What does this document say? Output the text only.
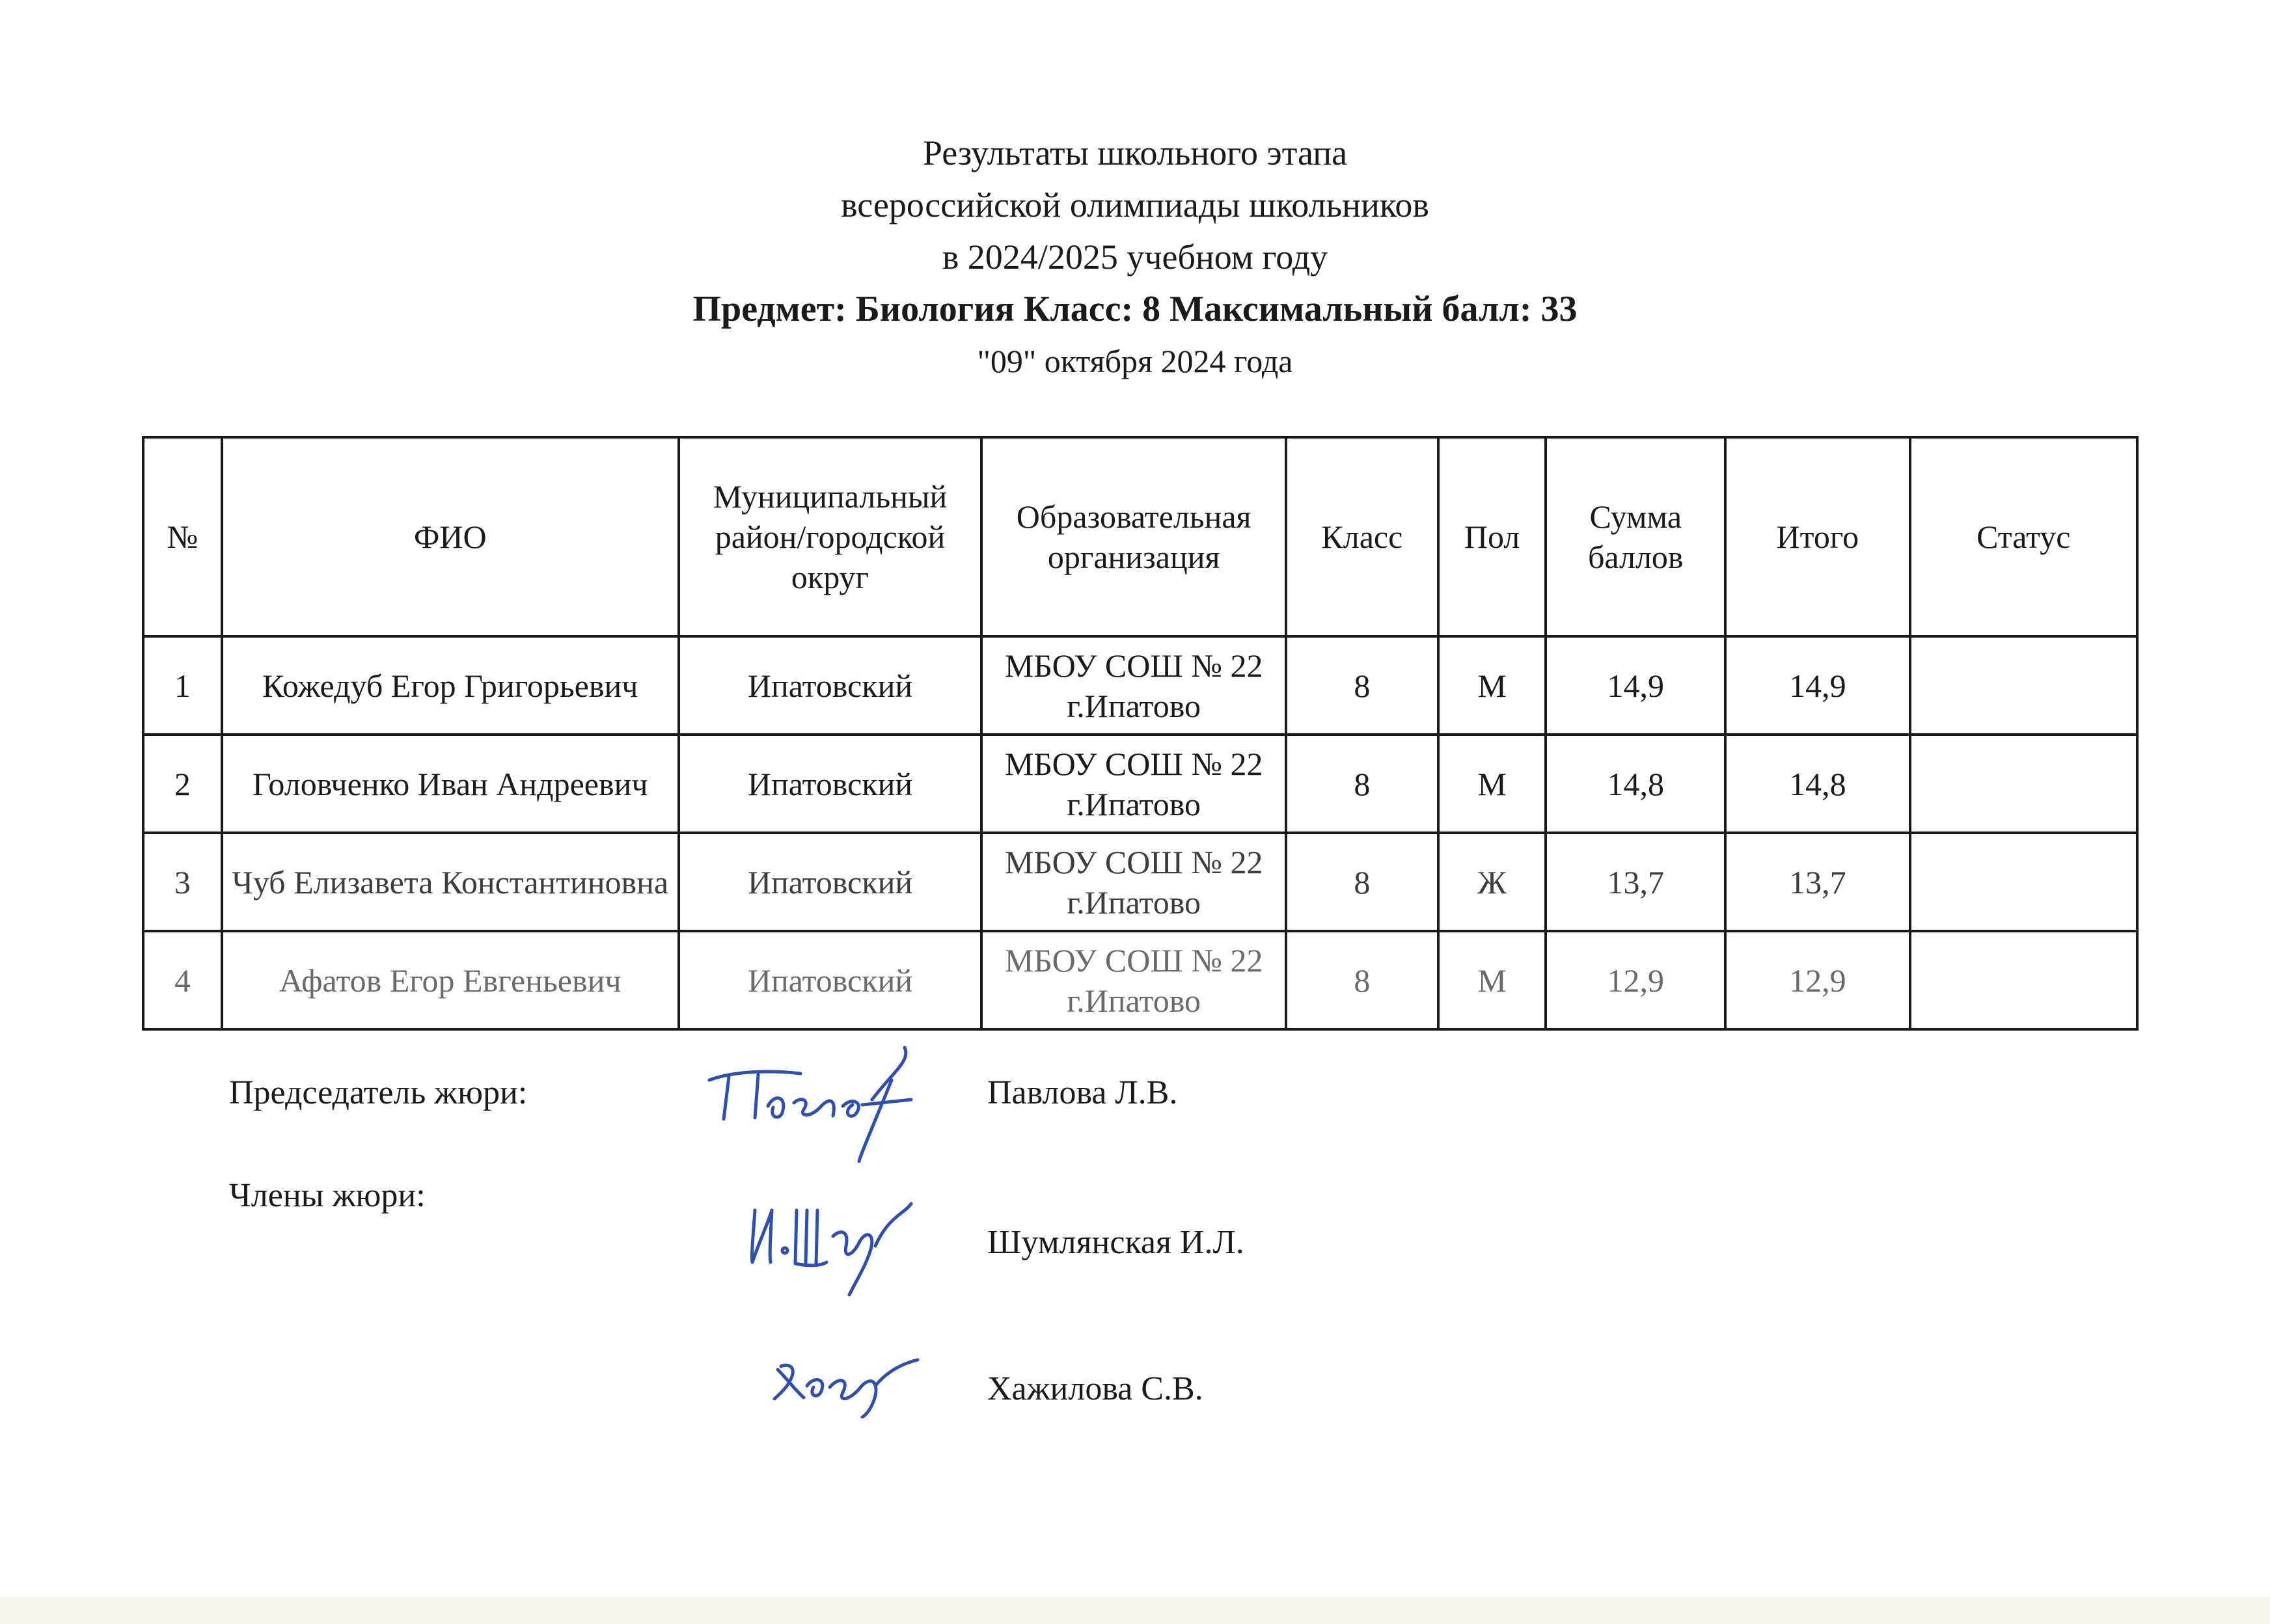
Результаты школьного этапа
всероссийской олимпиады школьников
в 2024/2025 учебном году
Предмет: Биология Класс: 8 Максимальный балл: 33
"09" октября 2024 года
№	ФИО	Муниципальный район/городской округ	Образовательная организация	Класс	Пол	Сумма баллов	Итого	Статус
1	Кожедуб Егор Григорьевич	Ипатовский	МБОУ СОШ № 22 г.Ипатово	8	М	14,9	14,9	
2	Головченко Иван Андреевич	Ипатовский	МБОУ СОШ № 22 г.Ипатово	8	М	14,8	14,8	
3	Чуб Елизавета Константиновна	Ипатовский	МБОУ СОШ № 22 г.Ипатово	8	Ж	13,7	13,7	
4	Афатов Егор Евгеньевич	Ипатовский	МБОУ СОШ № 22 г.Ипатово	8	М	12,9	12,9	
Председатель жюри:	Павлова Л.В.
Члены жюри:
Шумлянская И.Л.
Хажилова С.В.
